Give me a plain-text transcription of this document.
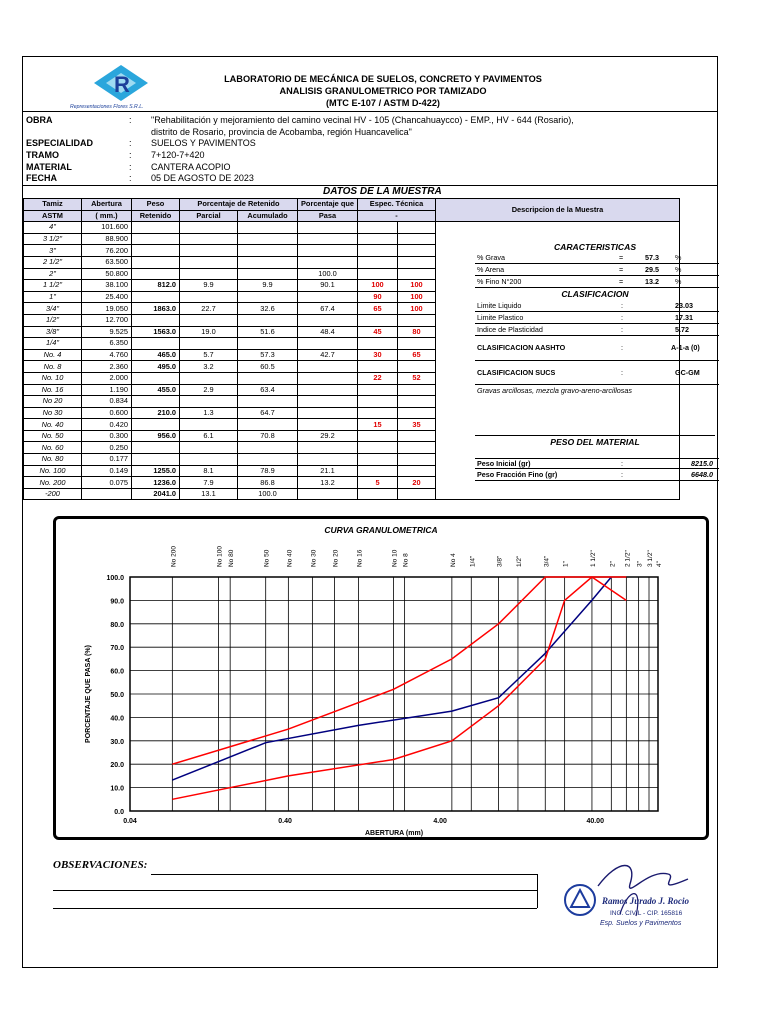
R
Representaciones Flores S.R.L.
LABORATORIO DE MECÁNICA DE SUELOS, CONCRETO Y PAVIMENTOS
ANALISIS GRANULOMETRICO POR TAMIZADO
(MTC E-107 / ASTM D-422)
OBRA	: "Rehabilitación y mejoramiento del camino vecinal HV - 105 (Chancahuaycco) - EMP., HV - 644 (Rosario),
distrito de Rosario, provincia de Acobamba, región Huancavelica"
ESPECIALIDAD	: SUELOS Y PAVIMENTOS
TRAMO	: 7+120-7+420
MATERIAL	: CANTERA ACOPIO
FECHA	: 05 DE AGOSTO DE 2023
DATOS DE LA MUESTRA
Tamiz	Abertura	Peso	Porcentaje de Retenido		Porcentaje que	Espec. Técnica		Descripcion de la Muestra
ASTM	( mm.)	Retenido	Parcial	Acumulado	Pasa	-		
4"	101.600							
3 1/2"	88.900							
3"	76.200							
2 1/2"	63.500							
2"	50.800				100.0			
1 1/2"	38.100	812.0	9.9	9.9	90.1	100	100	
1"	25.400					90	100	
3/4"	19.050	1863.0	22.7	32.6	67.4	65	100	
1/2"	12.700							
3/8"	9.525	1563.0	19.0	51.6	48.4	45	80	
1/4"	6.350							
No. 4	4.760	465.0	5.7	57.3	42.7	30	65	
No. 8	2.360	495.0	3.2	60.5				
No. 10	2.000					22	52	
No. 16	1.190	455.0	2.9	63.4				
No 20	0.834							
No 30	0.600	210.0	1.3	64.7				
No. 40	0.420					15	35	
No. 50	0.300	956.0	6.1	70.8	29.2			
No. 60	0.250							
No. 80	0.177							
No. 100	0.149	1255.0	8.1	78.9	21.1			
No. 200	0.075	1236.0	7.9	86.8	13.2	5	20	
-200		2041.0	13.1	100.0				
CARACTERISTICAS
% Grava	=	57.3 %
% Arena	=	29.5 %
% Fino N°200	=	13.2 %
CLASIFICACION
Limite Liquido	:	23.03
Limite Plastico	:	17.31
Indice de Plasticidad	:	5.72
CLASIFICACION AASHTO	:	A-1-a (0)
CLASIFICACION SUCS	:	GC-GM
Gravas arcillosas, mezcla gravo-areno-arcillosas
PESO DEL MATERIAL
Peso Inicial (gr)	:	8215.0
Peso Fracción Fino (gr)	:	6648.0
CURVA GRANULOMETRICA
0.0
10.0
20.0
30.0
40.0
50.0
60.0
70.0
80.0
90.0
100.0
No 200	No 100 No 80	No 50 No 40	No 30 No 20	No 16	No 10 No 8	No 4 1/4"	3/8" 1/2"	3/4" 1"	1 1/2" 2" 2 1/2" 3" 3 1/2" 4"
0.04	0.40	4.00	40.00
ABERTURA (mm)
PORCENTAJE QUE PASA (%)
OBSERVACIONES:
Ramos Jurado J. Rocio
ING. CIVIL - CIP. 165816
Esp. Suelos y Pavimentos
